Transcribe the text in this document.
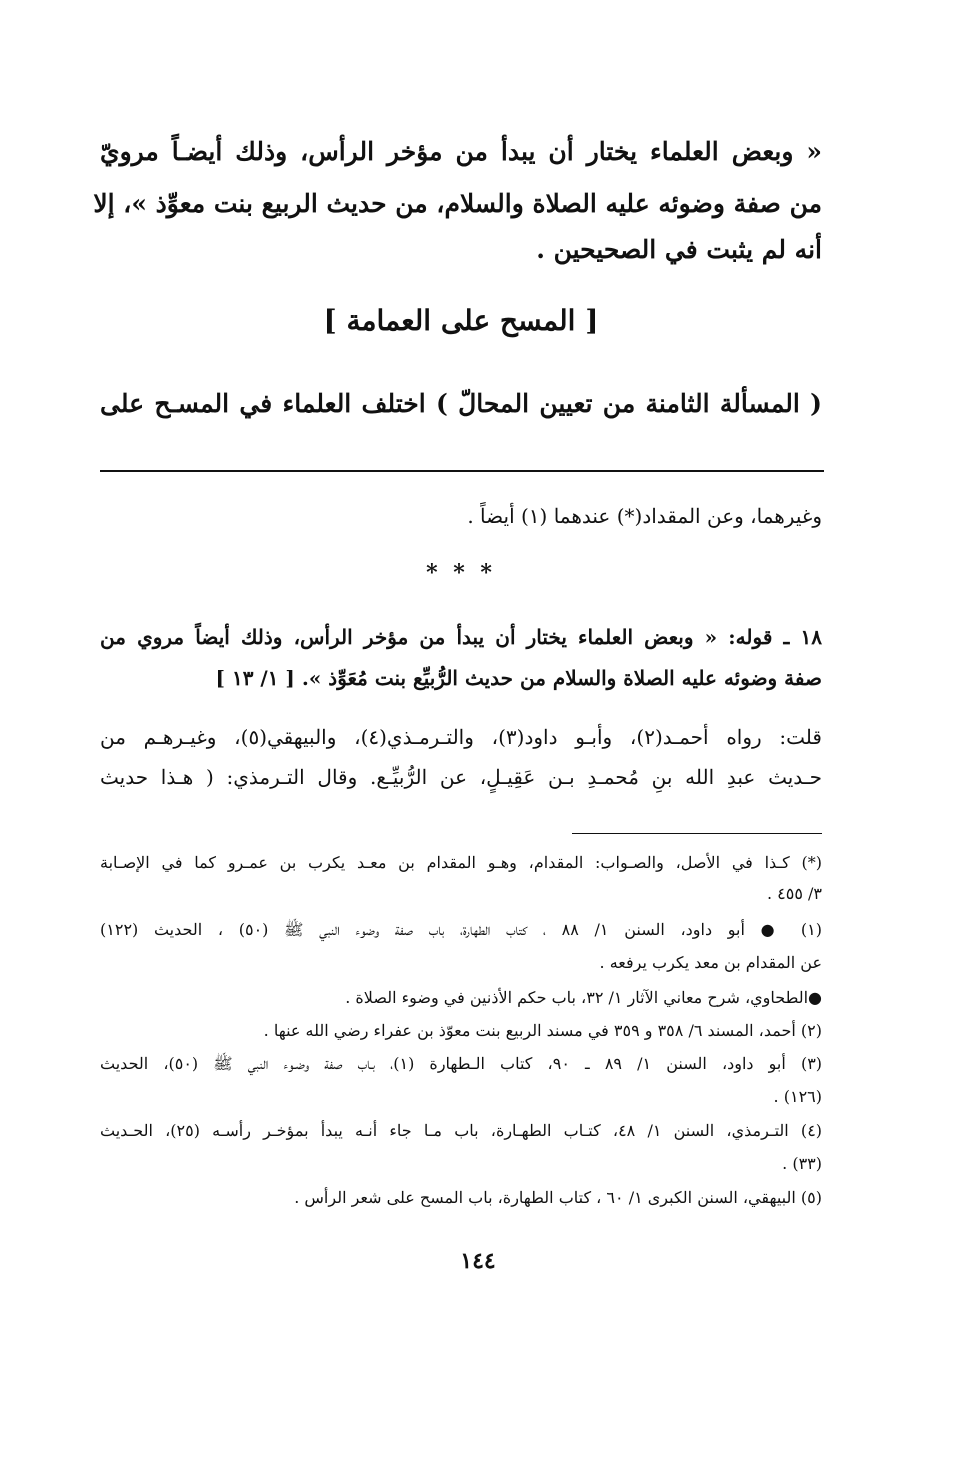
« وبعض العلماء يختار أن يبدأ من مؤخر الرأس، وذلك أيضـاً مرويّ
من صفة وضوئه عليه الصلاة والسلام، من حديث الربيع بنت معوِّذ »، إلا
أنه لم يثبت في الصحيحين .
[ المسح على العمامة ]
( المسألة الثامنة من تعيين المحالّ ) اختلف العلماء في المسـح على
وغيرهما، وعن المقداد(*) عندهما (١) أيضاً .
* * *
١٨ ـ قوله: « وبعض العلماء يختار أن يبدأ من مؤخر الرأس، وذلك أيضاً مروي من
صفة وضوئه عليه الصلاة والسلام من حديث الرُّبيِّع بنت مُعَوِّذ ». [ ١/ ١٣ ]
قلت: رواه أحمـد(٢)، وأبـو داود(٣)، والتـرمـذي(٤)، والبيهقي(٥)، وغيـرهـم من
حـديث عبدِ الله بنِ مُحمـدِ بـن عَقِيـلٍ، عن الرُّبيِّـع. وقال التـرمذي: ( هـذا حديث
(*) كـذا في الأصل، والصـواب: المقدام، وهـو المقدام بن معـد يكرب بن عمـرو كما في الإصـابة
٣/ ٤٥٥ .
(١) ● أبو داود، السنن ١/ ٨٨ ، كتاب الطهارة، باب صفة وضوء النبي ﷺ (٥٠) ، الحديث (١٢٢)
عن المقدام بن معد يكرب يرفعه .
●الطحاوي، شرح معاني الآثار ١/ ٣٢، باب حكم الأذنين في وضوء الصلاة .
(٢) أحمد، المسند ٦/ ٣٥٨ و ٣٥٩ في مسند الربيع بنت معوّذ بن عفراء رضي الله عنها .
(٣) أبو داود، السنن ١/ ٨٩ ـ ٩٠، كتاب الـطهارة (١)، بـاب صفة وضـوء النبي ﷺ (٥٠)، الحديث
(١٢٦) .
(٤) التـرمذي، السنن ١/ ٤٨، كتـاب الطهـارة، باب مـا جاء أنـه يبدأ بمؤخـر رأسـه (٢٥)، الحـديث
(٣٣) .
(٥) البيهقي، السنن الكبرى ١/ ٦٠ ، كتاب الطهارة، باب المسح على شعر الرأس .
١٤٤
